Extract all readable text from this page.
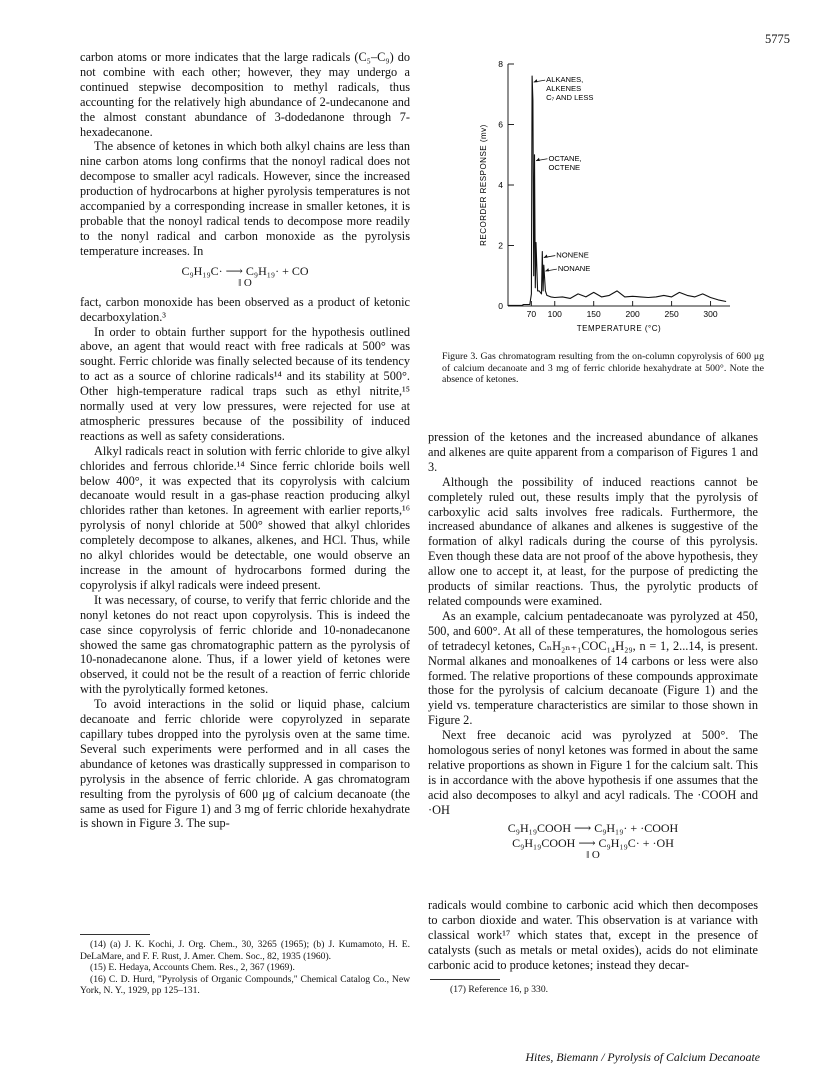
5775

carbon atoms or more indicates that the large radicals (C₅–C₉) do not combine with each other; however, they may undergo a continued stepwise decomposition to methyl radicals, thus accounting for the relatively high abundance of 2-undecanone and the almost constant abundance of 3-dodedanone through 7-hexadecanone.

The absence of ketones in which both alkyl chains are less than nine carbon atoms long confirms that the nonoyl radical does not decompose to smaller acyl radicals. However, since the increased production of hydrocarbons at higher pyrolysis temperatures is not accompanied by a corresponding increase in smaller ketones, it is probable that the nonoyl radical tends to decompose more readily to the nonyl radical and carbon monoxide as the pyrolysis temperature increases. In

C₉H₁₉C· ⟶ C₉H₁₉· + CO
‖ O

fact, carbon monoxide has been observed as a product of ketonic decarboxylation.³

In order to obtain further support for the hypothesis outlined above, an agent that would react with free radicals at 500° was sought. Ferric chloride was finally selected because of its tendency to act as a source of chlorine radicals¹⁴ and its stability at 500°. Other high-temperature radical traps such as ethyl nitrite,¹⁵ normally used at very low pressures, were rejected for use at atmospheric pressures because of the possibility of induced reactions as well as safety considerations.

Alkyl radicals react in solution with ferric chloride to give alkyl chlorides and ferrous chloride.¹⁴ Since ferric chloride boils well below 400°, it was expected that its copyrolysis with calcium decanoate would result in a gas-phase reaction producing alkyl chlorides rather than ketones. In agreement with earlier reports,¹⁶ pyrolysis of nonyl chloride at 500° showed that alkyl chlorides completely decompose to alkanes, alkenes, and HCl. Thus, while no alkyl chlorides would be detectable, one would observe an increase in the amount of hydrocarbons formed during the copyrolysis if alkyl radicals were indeed present.

It was necessary, of course, to verify that ferric chloride and the nonyl ketones do not react upon copyrolysis. This is indeed the case since copyrolysis of ferric chloride and 10-nonadecanone showed the same gas chromatographic pattern as the pyrolysis of 10-nonadecanone alone. Thus, if a lower yield of ketones were observed, it could not be the result of a reaction of ferric chloride with the pyrolytically formed ketones.

To avoid interactions in the solid or liquid phase, calcium decanoate and ferric chloride were copyrolyzed in separate capillary tubes dropped into the pyrolysis oven at the same time. Several such experiments were performed and in all cases the abundance of ketones was drastically suppressed in comparison to pyrolysis in the absence of ferric chloride. A gas chromatogram resulting from the pyrolysis of 600 μg of calcium decanoate (the same as used for Figure 1) and 3 mg of ferric chloride hexahydrate is shown in Figure 3. The sup-

(14) (a) J. K. Kochi, J. Org. Chem., 30, 3265 (1965); (b) J. Kumamoto, H. E. DeLaMare, and F. F. Rust, J. Amer. Chem. Soc., 82, 1935 (1960).

(15) E. Hedaya, Accounts Chem. Res., 2, 367 (1969).

(16) C. D. Hurd, "Pyrolysis of Organic Compounds," Chemical Catalog Co., New York, N. Y., 1929, pp 125–131.

0
2
4
6
8
70 100	150	200	250	300
TEMPERATURE (°C)
RECORDER RESPONSE (mv)
ALKANES,
ALKENES
C₇ AND LESS
OCTANE,
OCTENE
NONENE
NONANE
Figure 3. Gas chromatogram resulting from the on-column copyrolysis of 600 μg of calcium decanoate and 3 mg of ferric chloride hexahydrate at 500°. Note the absence of ketones.

pression of the ketones and the increased abundance of alkanes and alkenes are quite apparent from a comparison of Figures 1 and 3.

Although the possibility of induced reactions cannot be completely ruled out, these results imply that the pyrolysis of carboxylic acid salts involves free radicals. Furthermore, the increased abundance of alkanes and alkenes is suggestive of the formation of alkyl radicals during the course of this pyrolysis. Even though these data are not proof of the above hypothesis, they allow one to accept it, at least, for the purpose of predicting the products of similar reactions. Thus, the pyrolytic products of related compounds were examined.

As an example, calcium pentadecanoate was pyrolyzed at 450, 500, and 600°. At all of these temperatures, the homologous series of tetradecyl ketones, CₙH₂ₙ₊₁COC₁₄H₂₉, n = 1, 2...14, is present. Normal alkanes and monoalkenes of 14 carbons or less were also formed. The relative proportions of these compounds approximate those for the pyrolysis of calcium decanoate (Figure 1) and the yield vs. temperature characteristics are similar to those shown in Figure 2.

Next free decanoic acid was pyrolyzed at 500°. The homologous series of nonyl ketones was formed in about the same relative proportions as shown in Figure 1 for the calcium salt. This is in accordance with the above hypothesis if one assumes that the acid also decomposes to alkyl and acyl radicals. The ·COOH and ·OH

C₉H₁₉COOH ⟶ C₉H₁₉· + ·COOH
C₉H₁₉COOH ⟶ C₉H₁₉C· + ·OH
‖ O

radicals would combine to carbonic acid which then decomposes to carbon dioxide and water. This observation is at variance with classical work¹⁷ which states that, except in the presence of catalysts (such as metals or metal oxides), acids do not eliminate carbonic acid to produce ketones; instead they decar-

(17) Reference 16, p 330.

Hites, Biemann / Pyrolysis of Calcium Decanoate
